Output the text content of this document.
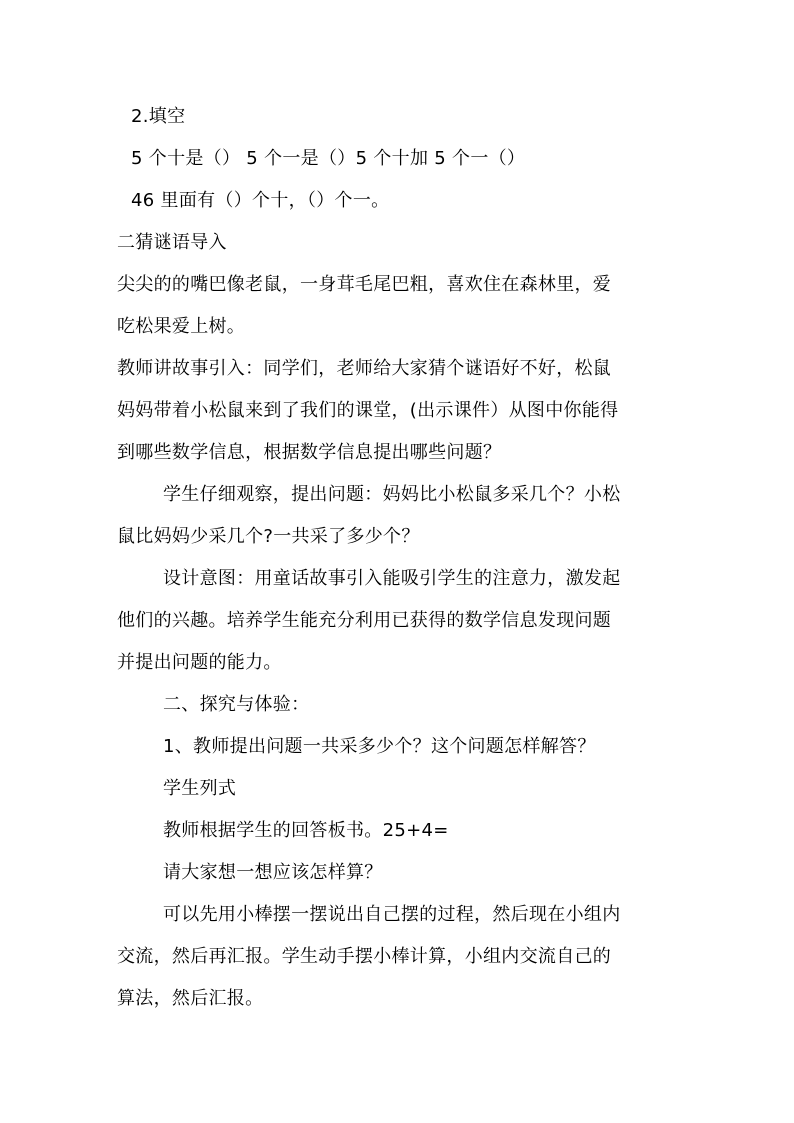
2.填空
5 个十是（） 5 个一是（）5 个十加 5 个一（）
46 里面有（）个十，（）个一。
二猜谜语导入
尖尖的的嘴巴像老鼠，一身茸毛尾巴粗，喜欢住在森林里，爱
吃松果爱上树。
教师讲故事引入：同学们，老师给大家猜个谜语好不好，松鼠
妈妈带着小松鼠来到了我们的课堂，(出示课件）从图中你能得
到哪些数学信息，根据数学信息提出哪些问题？
学生仔细观察，提出问题：妈妈比小松鼠多采几个？小松
鼠比妈妈少采几个?一共采了多少个？
设计意图：用童话故事引入能吸引学生的注意力，激发起
他们的兴趣。培养学生能充分利用已获得的数学信息发现问题
并提出问题的能力。
二、探究与体验：
1、教师提出问题一共采多少个？这个问题怎样解答？
学生列式
教师根据学生的回答板书。25+4=
请大家想一想应该怎样算？
可以先用小棒摆一摆说出自己摆的过程，然后现在小组内
交流，然后再汇报。学生动手摆小棒计算，小组内交流自己的
算法，然后汇报。
